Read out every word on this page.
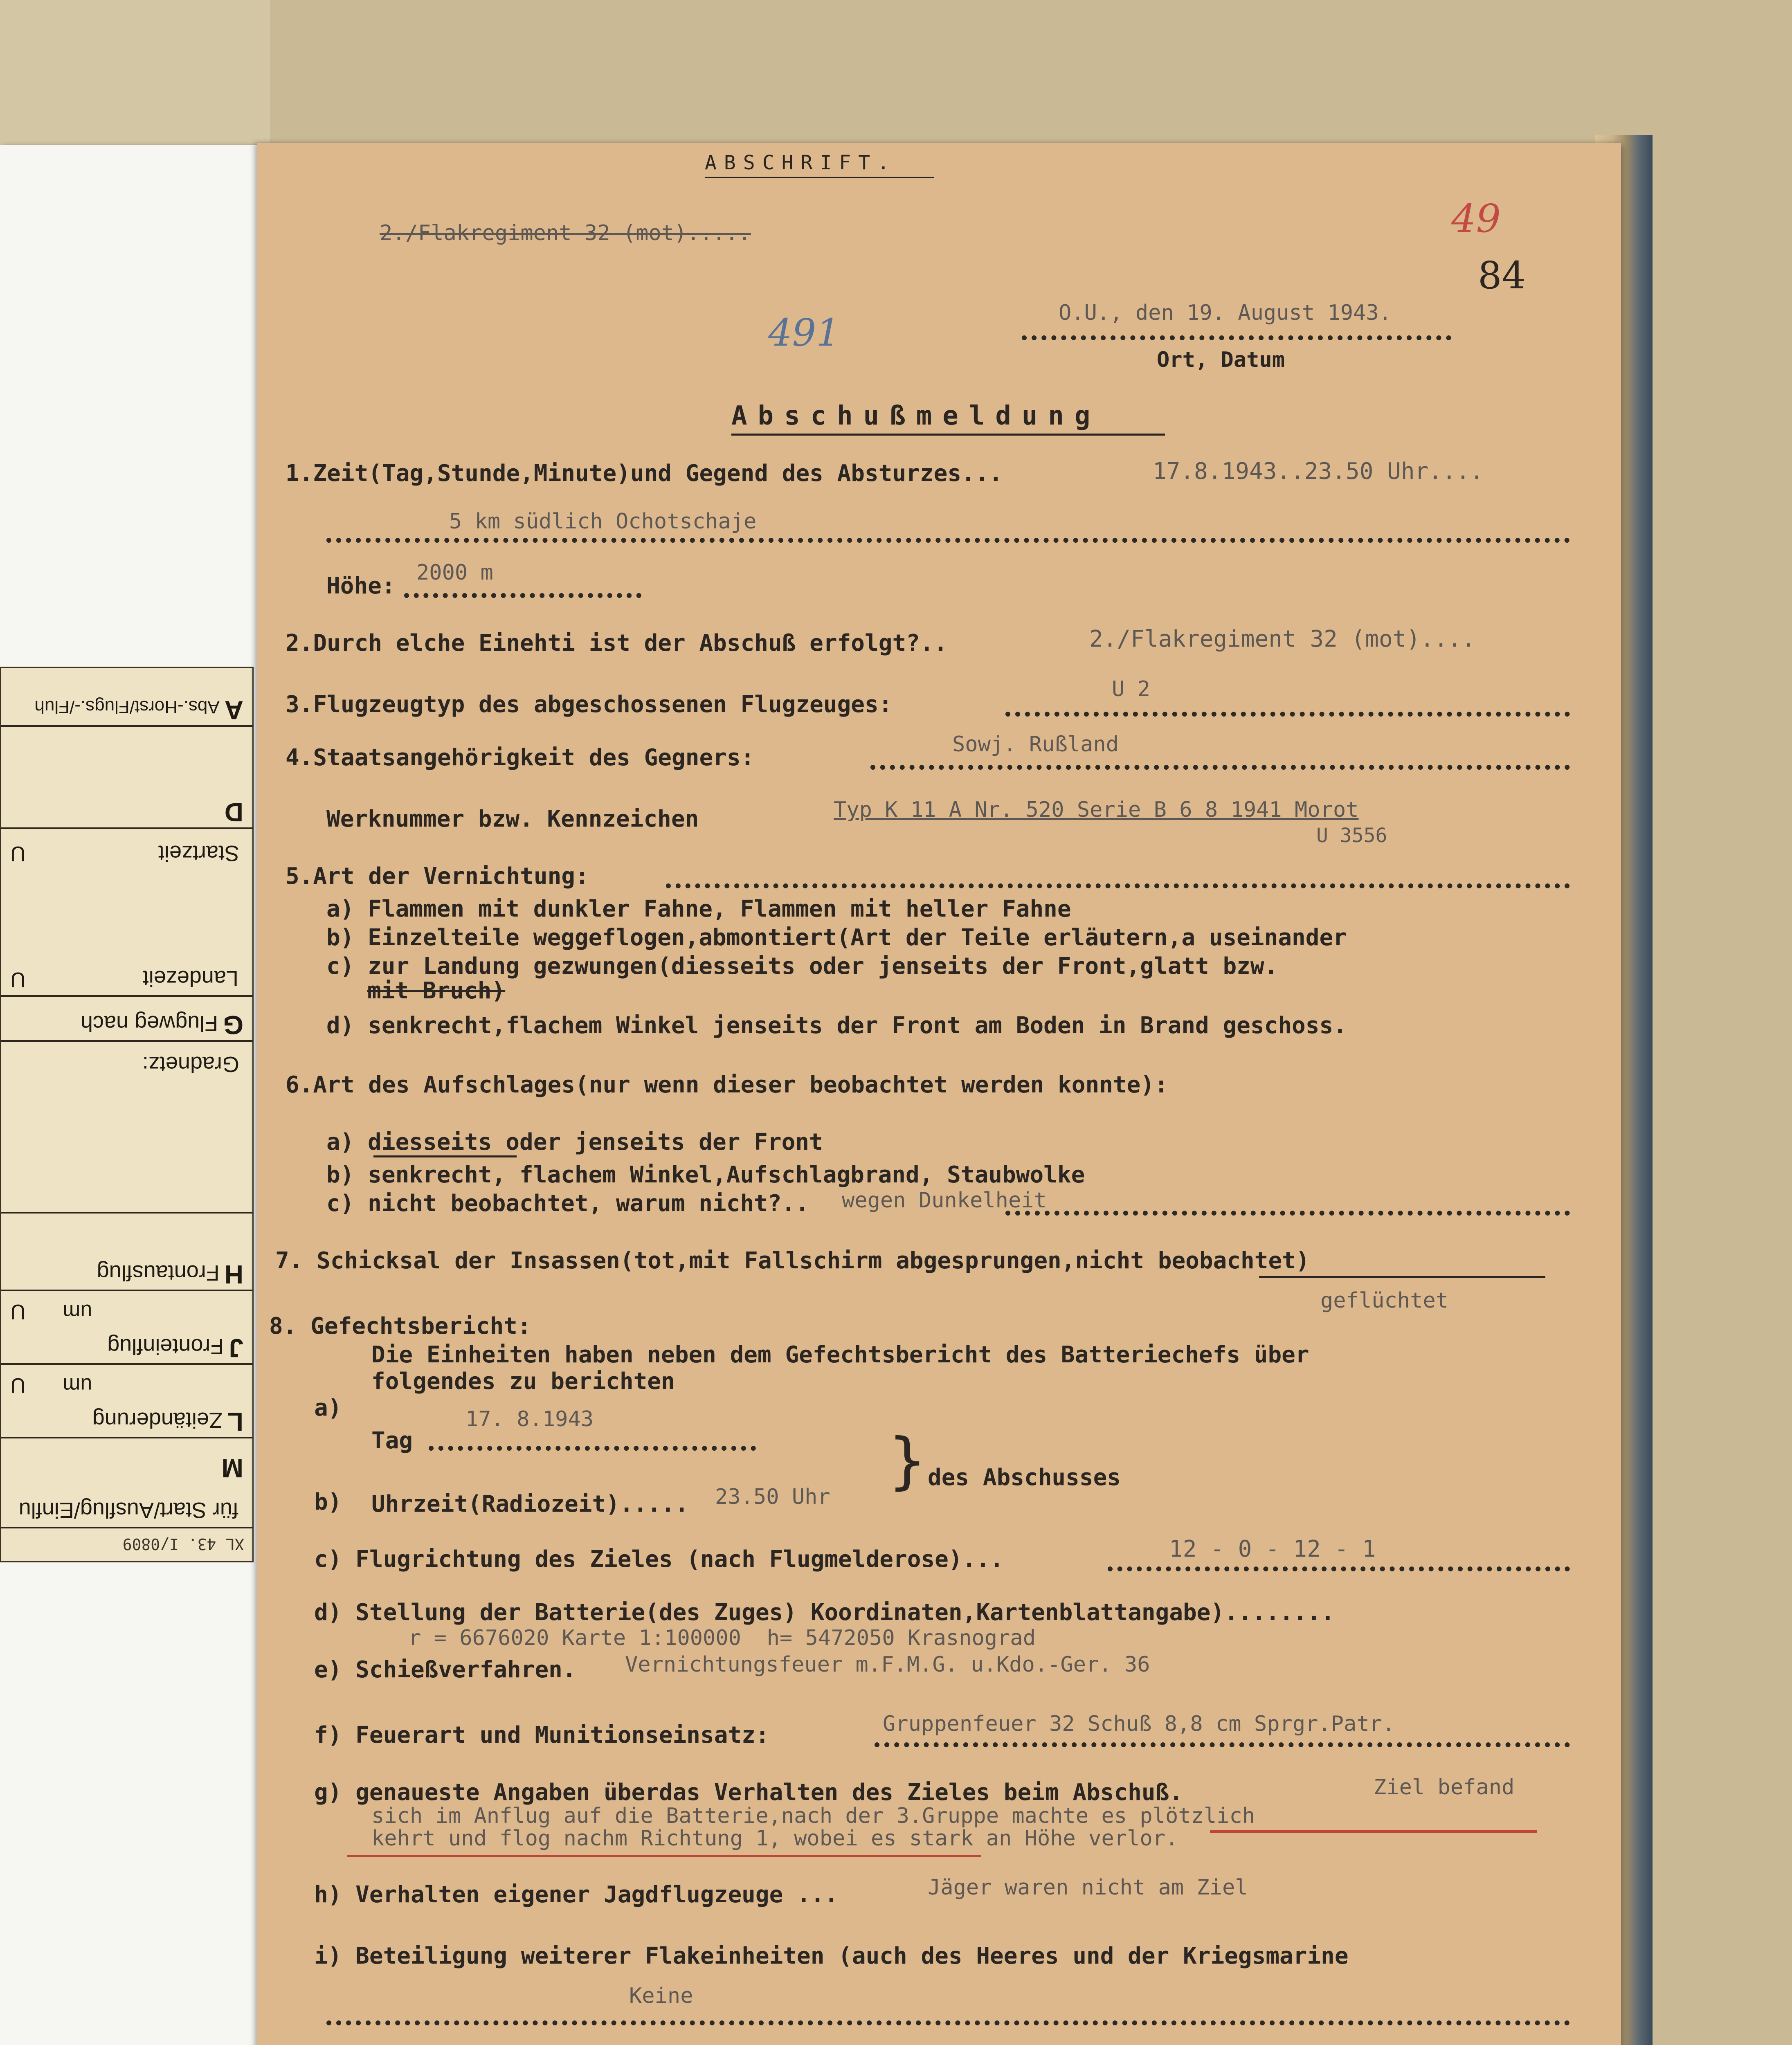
XL 43. I/0809
für Start/Ausflug/Einflu
M
LZeitänderung
um
U
JFronteinflug
um
U
HFrontausflug
Gradnetz:
GFlugweg nach
Landezeit
U
Startzeit
U
D
AAbs.-Horst/Flugs.-/Fluh
ABSCHRIFT.
2./Flakregiment 32 (mot).....	49
84
491	O.U., den 19. August 1943.
Ort, Datum
Abschußmeldung
1.Zeit(Tag,Stunde,Minute)und Gegend des Absturzes...	17.8.1943..23.50 Uhr....
5 km südlich Ochotschaje
Höhe: 2000 m
2.Durch elche Einehti ist der Abschuß erfolgt?..	2./Flakregiment 32 (mot)....
3.Flugzeugtyp des abgeschossenen Flugzeuges:
U 2
4.Staatsangehörigkeit des Gegners:	Sowj. Rußland
Werknummer bzw. Kennzeichen	Typ K 11 A Nr. 520 Serie B 6 8 1941 Morot
U 3556
5.Art der Vernichtung:
a) Flammen mit dunkler Fahne, Flammen mit heller Fahne
b) Einzelteile weggeflogen,abmontiert(Art der Teile erläutern,a useinander
c) zur Landung gezwungen(diesseits oder jenseits der Front,glatt bzw.
mit Bruch)
d) senkrecht,flachem Winkel jenseits der Front am Boden in Brand geschoss.
6.Art des Aufschlages(nur wenn dieser beobachtet werden konnte):
a) diesseits oder jenseits der Front
b) senkrecht, flachem Winkel,Aufschlagbrand, Staubwolke
c) nicht beobachtet, warum nicht?.. wegen Dunkelheit
7. Schicksal der Insassen(tot,mit Fallschirm abgesprungen,nicht beobachtet)
geflüchtet
8. Gefechtsbericht:
Die Einheiten haben neben dem Gefechtsbericht des Batteriechefs über
folgendes zu berichten
a)
Tag
17. 8.1943
} des Abschusses
b) Uhrzeit(Radiozeit)..... 23.50 Uhr
c) Flugrichtung des Zieles (nach Flugmelderose)...	12 - 0 - 12 - 1
d) Stellung der Batterie(des Zuges) Koordinaten,Kartenblattangabe)........
r = 6676020 Karte 1:100000  h= 5472050 Krasnograd
e) Schießverfahren. Vernichtungsfeuer m.F.M.G. u.Kdo.-Ger. 36
f) Feuerart und Munitionseinsatz:	Gruppenfeuer 32 Schuß 8,8 cm Sprgr.Patr.
g) genaueste Angaben überdas Verhalten des Zieles beim Abschuß.	Ziel befand
sich im Anflug auf die Batterie,nach der 3.Gruppe machte es plötzlich
kehrt und flog nachm Richtung 1, wobei es stark an Höhe verlor.
h) Verhalten eigener Jagdflugzeuge ...	Jäger waren nicht am Ziel
i) Beteiligung weiterer Flakeinheiten (auch des Heeres und der Kriegsmarine
Keine
